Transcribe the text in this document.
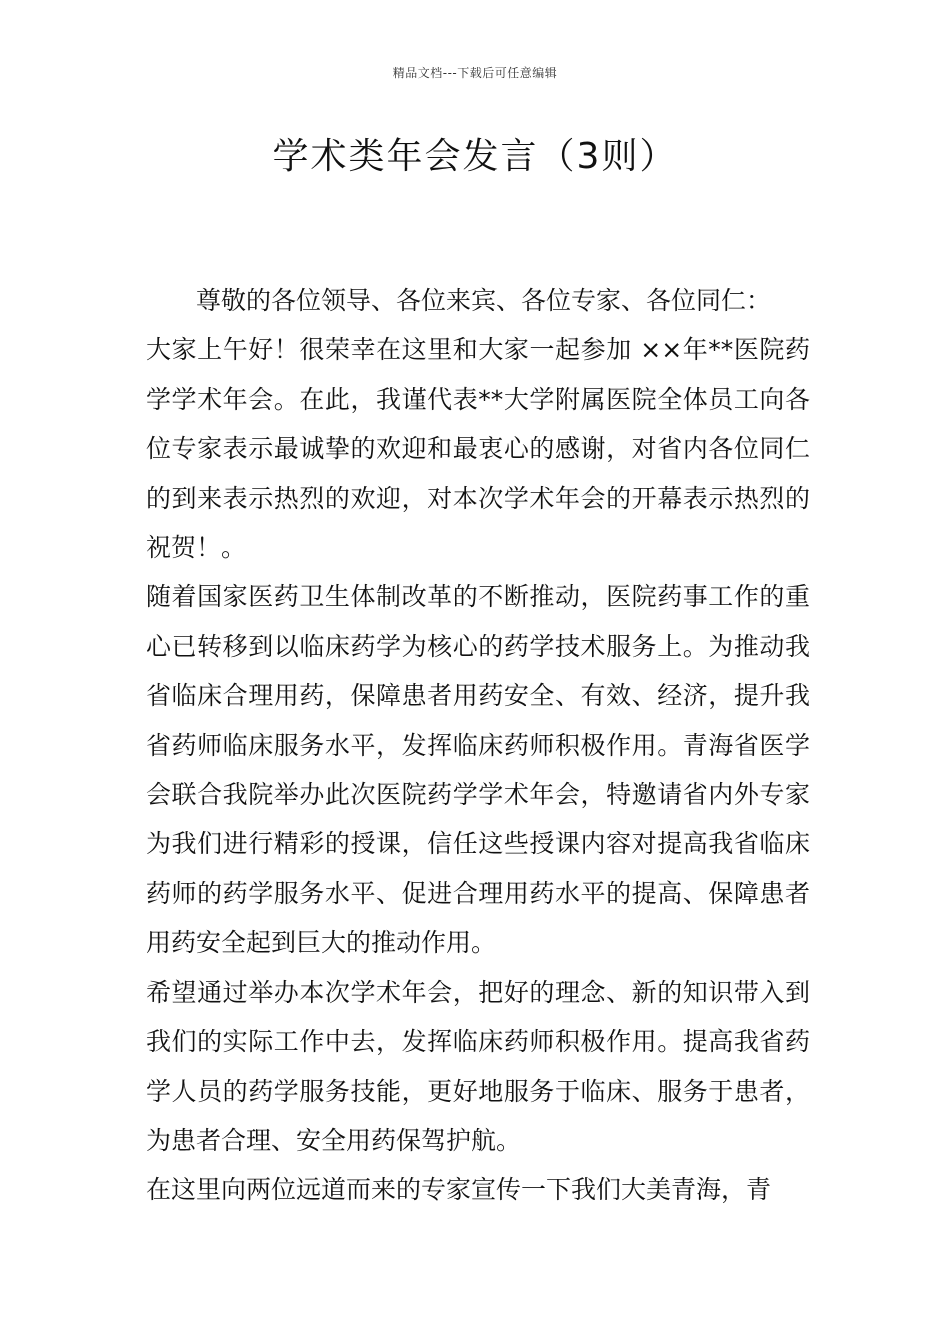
精品文档---下载后可任意编辑
学术类年会发言（3则）

尊敬的各位领导、各位来宾、各位专家、各位同仁：

大家上午好！很荣幸在这里和大家一起参加 ××年**医院药学学术年会。在此，我谨代表**大学附属医院全体员工向各位专家表示最诚挚的欢迎和最衷心的感谢，对省内各位同仁的到来表示热烈的欢迎，对本次学术年会的开幕表示热烈的祝贺！。

随着国家医药卫生体制改革的不断推动，医院药事工作的重心已转移到以临床药学为核心的药学技术服务上。为推动我省临床合理用药，保障患者用药安全、有效、经济，提升我省药师临床服务水平，发挥临床药师积极作用。青海省医学会联合我院举办此次医院药学学术年会，特邀请省内外专家为我们进行精彩的授课，信任这些授课内容对提高我省临床药师的药学服务水平、促进合理用药水平的提高、保障患者用药安全起到巨大的推动作用。

希望通过举办本次学术年会，把好的理念、新的知识带入到我们的实际工作中去，发挥临床药师积极作用。提高我省药学人员的药学服务技能，更好地服务于临床、服务于患者，为患者合理、安全用药保驾护航。

在这里向两位远道而来的专家宣传一下我们大美青海，青
